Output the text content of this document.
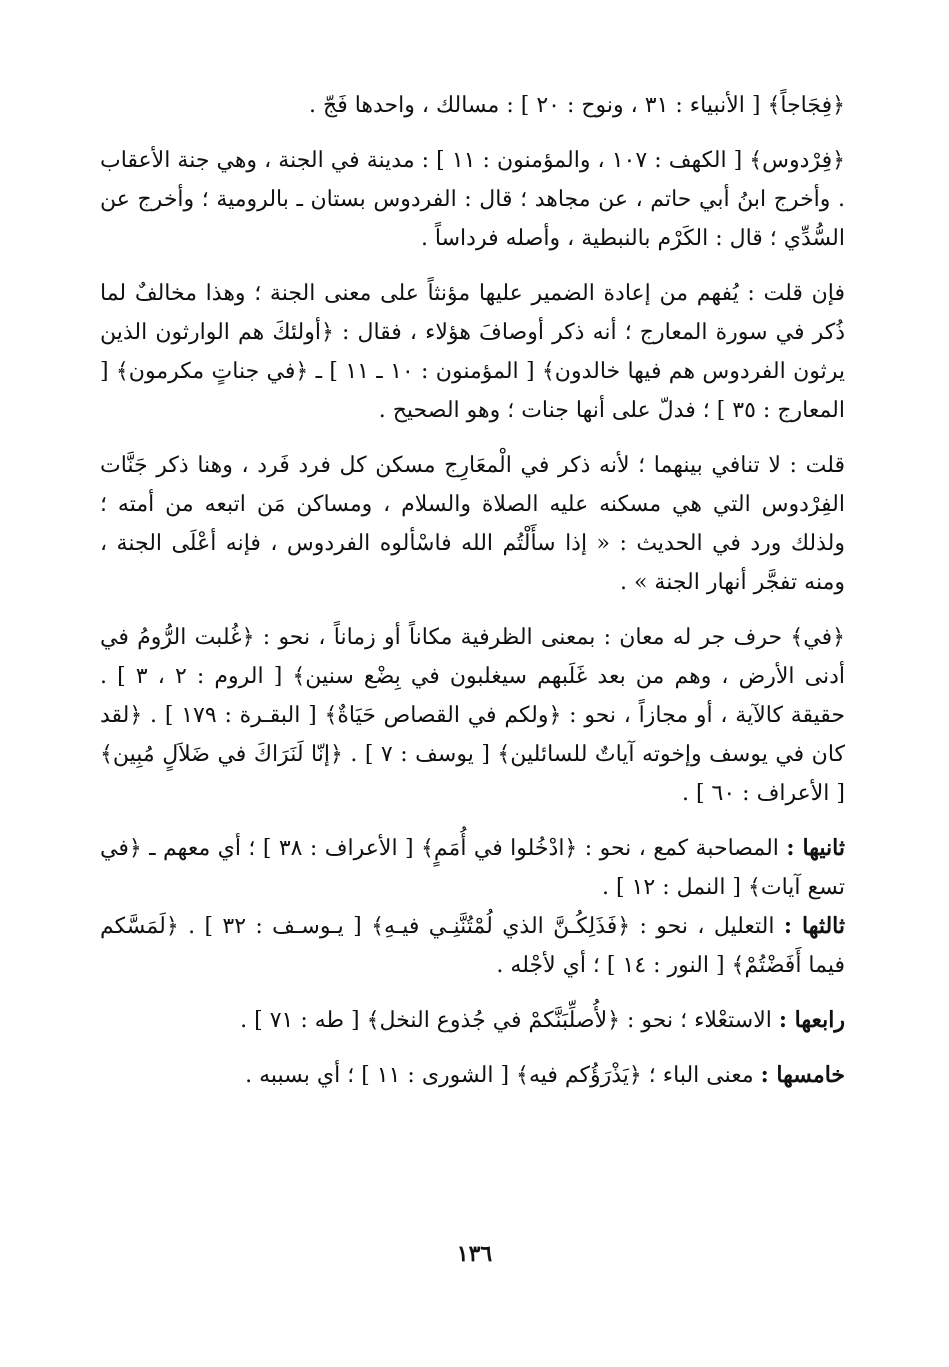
﴿فِجَاجاً﴾ [ الأنبياء : ٣١ ، ونوح : ٢٠ ] : مسالك ، واحدها فَجّ .

﴿فِرْدوس﴾ [ الكهف : ١٠٧ ، والمؤمنون : ١١ ] : مدينة في الجنة ، وهي جنة الأعقاب . وأخرج ابنُ أبي حاتم ، عن مجاهد ؛ قال : الفردوس بستان ـ بالرومية ؛ وأخرج عن السُّدِّي ؛ قال : الكَرْم بالنبطية ، وأصله فرداساً .

فإن قلت : يُفهم من إعادة الضمير عليها مؤنثاً على معنى الجنة ؛ وهذا مخالفٌ لما ذُكر في سورة المعارج ؛ أنه ذكر أوصافَ هؤلاء ، فقال : ﴿أولئكَ هم الوارثون الذين يرثون الفردوس هم فيها خالدون﴾ [ المؤمنون : ١٠ ـ ١١ ] ـ ﴿في جناتٍ مكرمون﴾ [ المعارج : ٣٥ ] ؛ فدلّ على أنها جنات ؛ وهو الصحيح .

قلت : لا تنافي بينهما ؛ لأنه ذكر في الْمعَارِج مسكن كل فرد فَرد ، وهنا ذكر جَنَّات الفِرْدوس التي هي مسكنه عليه الصلاة والسلام ، ومساكن مَن اتبعه من أمته ؛ ولذلك ورد في الحديث : « إذا سأَلْتُم الله فاسْألوه الفردوس ، فإنه أعْلَى الجنة ، ومنه تفجَّر أنهار الجنة » .

﴿في﴾ حرف جر له معان : بمعنى الظرفية مكاناً أو زماناً ، نحو : ﴿غُلبت الرُّومُ في أدنى الأرض ، وهم من بعد غَلَبهم سيغلبون في بِضْع سنين﴾ [ الروم : ٢ ، ٣ ] . حقيقة كالآية ، أو مجازاً ، نحو : ﴿ولكم في القصاص حَيَاةٌ﴾ [ البقـرة : ١٧٩ ] . ﴿لقد كان في يوسف وإخوته آياتٌ للسائلين﴾ [ يوسف : ٧ ] . ﴿إنّا لَنَرَاكَ في ضَلاَلٍ مُبِين﴾ [ الأعراف : ٦٠ ] .

ثانيها : المصاحبة كمع ، نحو : ﴿ادْخُلوا في أُمَمٍ﴾ [ الأعراف : ٣٨ ] ؛ أي معهم ـ ﴿في تسع آيات﴾ [ النمل : ١٢ ] .

ثالثها : التعليل ، نحو : ﴿فَذَلِكُـنَّ الذي لُمْتُنَّنِـي فيـهِ﴾ [ يـوسـف : ٣٢ ] . ﴿لَمَسَّكم فيما أَفَضْتُمْ﴾ [ النور : ١٤ ] ؛ أي لأجْله .

رابعها : الاستعْلاء ؛ نحو : ﴿لأُصلِّبَنَّكمْ في جُذوع النخل﴾ [ طه : ٧١ ] .

خامسها : معنى الباء ؛ ﴿يَذْرَؤُكم فيه﴾ [ الشورى : ١١ ] ؛ أي بسببه .

١٣٦
